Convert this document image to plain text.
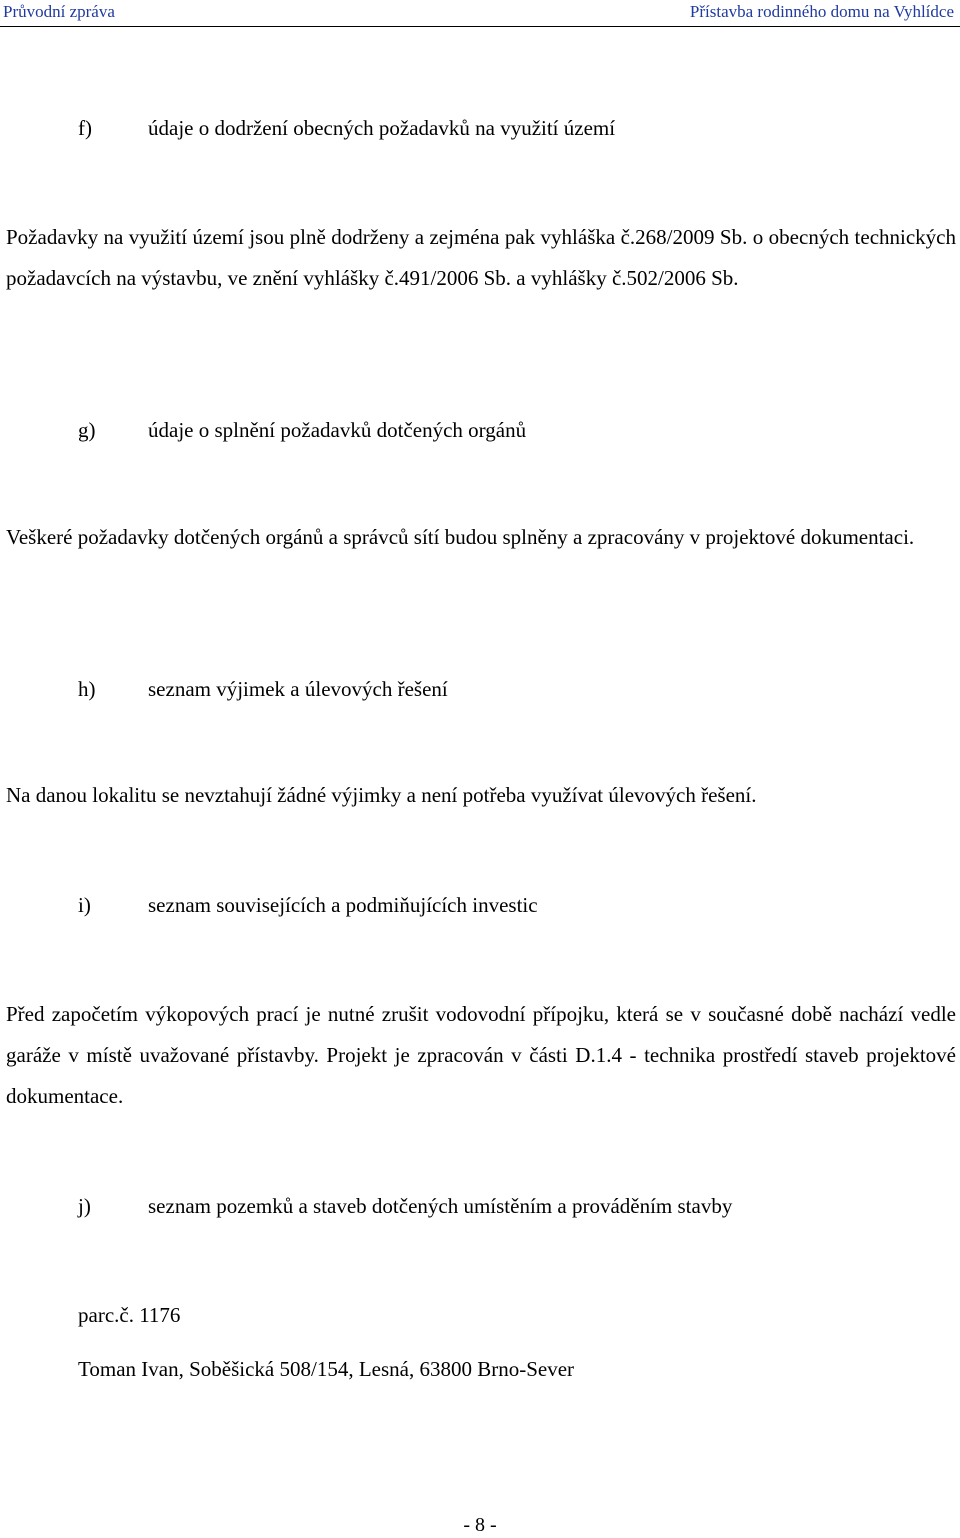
Průvodní zpráva	Přístavba rodinného domu na Vyhlídce
f)	údaje o dodržení obecných požadavků na využití území
Požadavky na využití území jsou plně dodrženy a zejména pak vyhláška č.268/2009 Sb. o obecných technických požadavcích na výstavbu, ve znění vyhlášky č.491/2006 Sb. a vyhlášky č.502/2006 Sb.
g)	údaje o splnění požadavků dotčených orgánů
Veškeré požadavky dotčených orgánů a správců sítí budou splněny a zpracovány v projektové dokumentaci.
h)	seznam výjimek a úlevových řešení
Na danou lokalitu se nevztahují žádné výjimky a není potřeba využívat úlevových řešení.
i)	seznam souvisejících a podmiňujících investic
Před započetím výkopových prací je nutné zrušit vodovodní přípojku, která se v současné době nachází vedle garáže v místě uvažované přístavby. Projekt je zpracován v části D.1.4 - technika prostředí staveb projektové dokumentace.
j)	seznam pozemků a staveb dotčených umístěním a prováděním stavby
parc.č. 1176
Toman Ivan, Soběšická 508/154, Lesná, 63800 Brno-Sever
- 8 -
